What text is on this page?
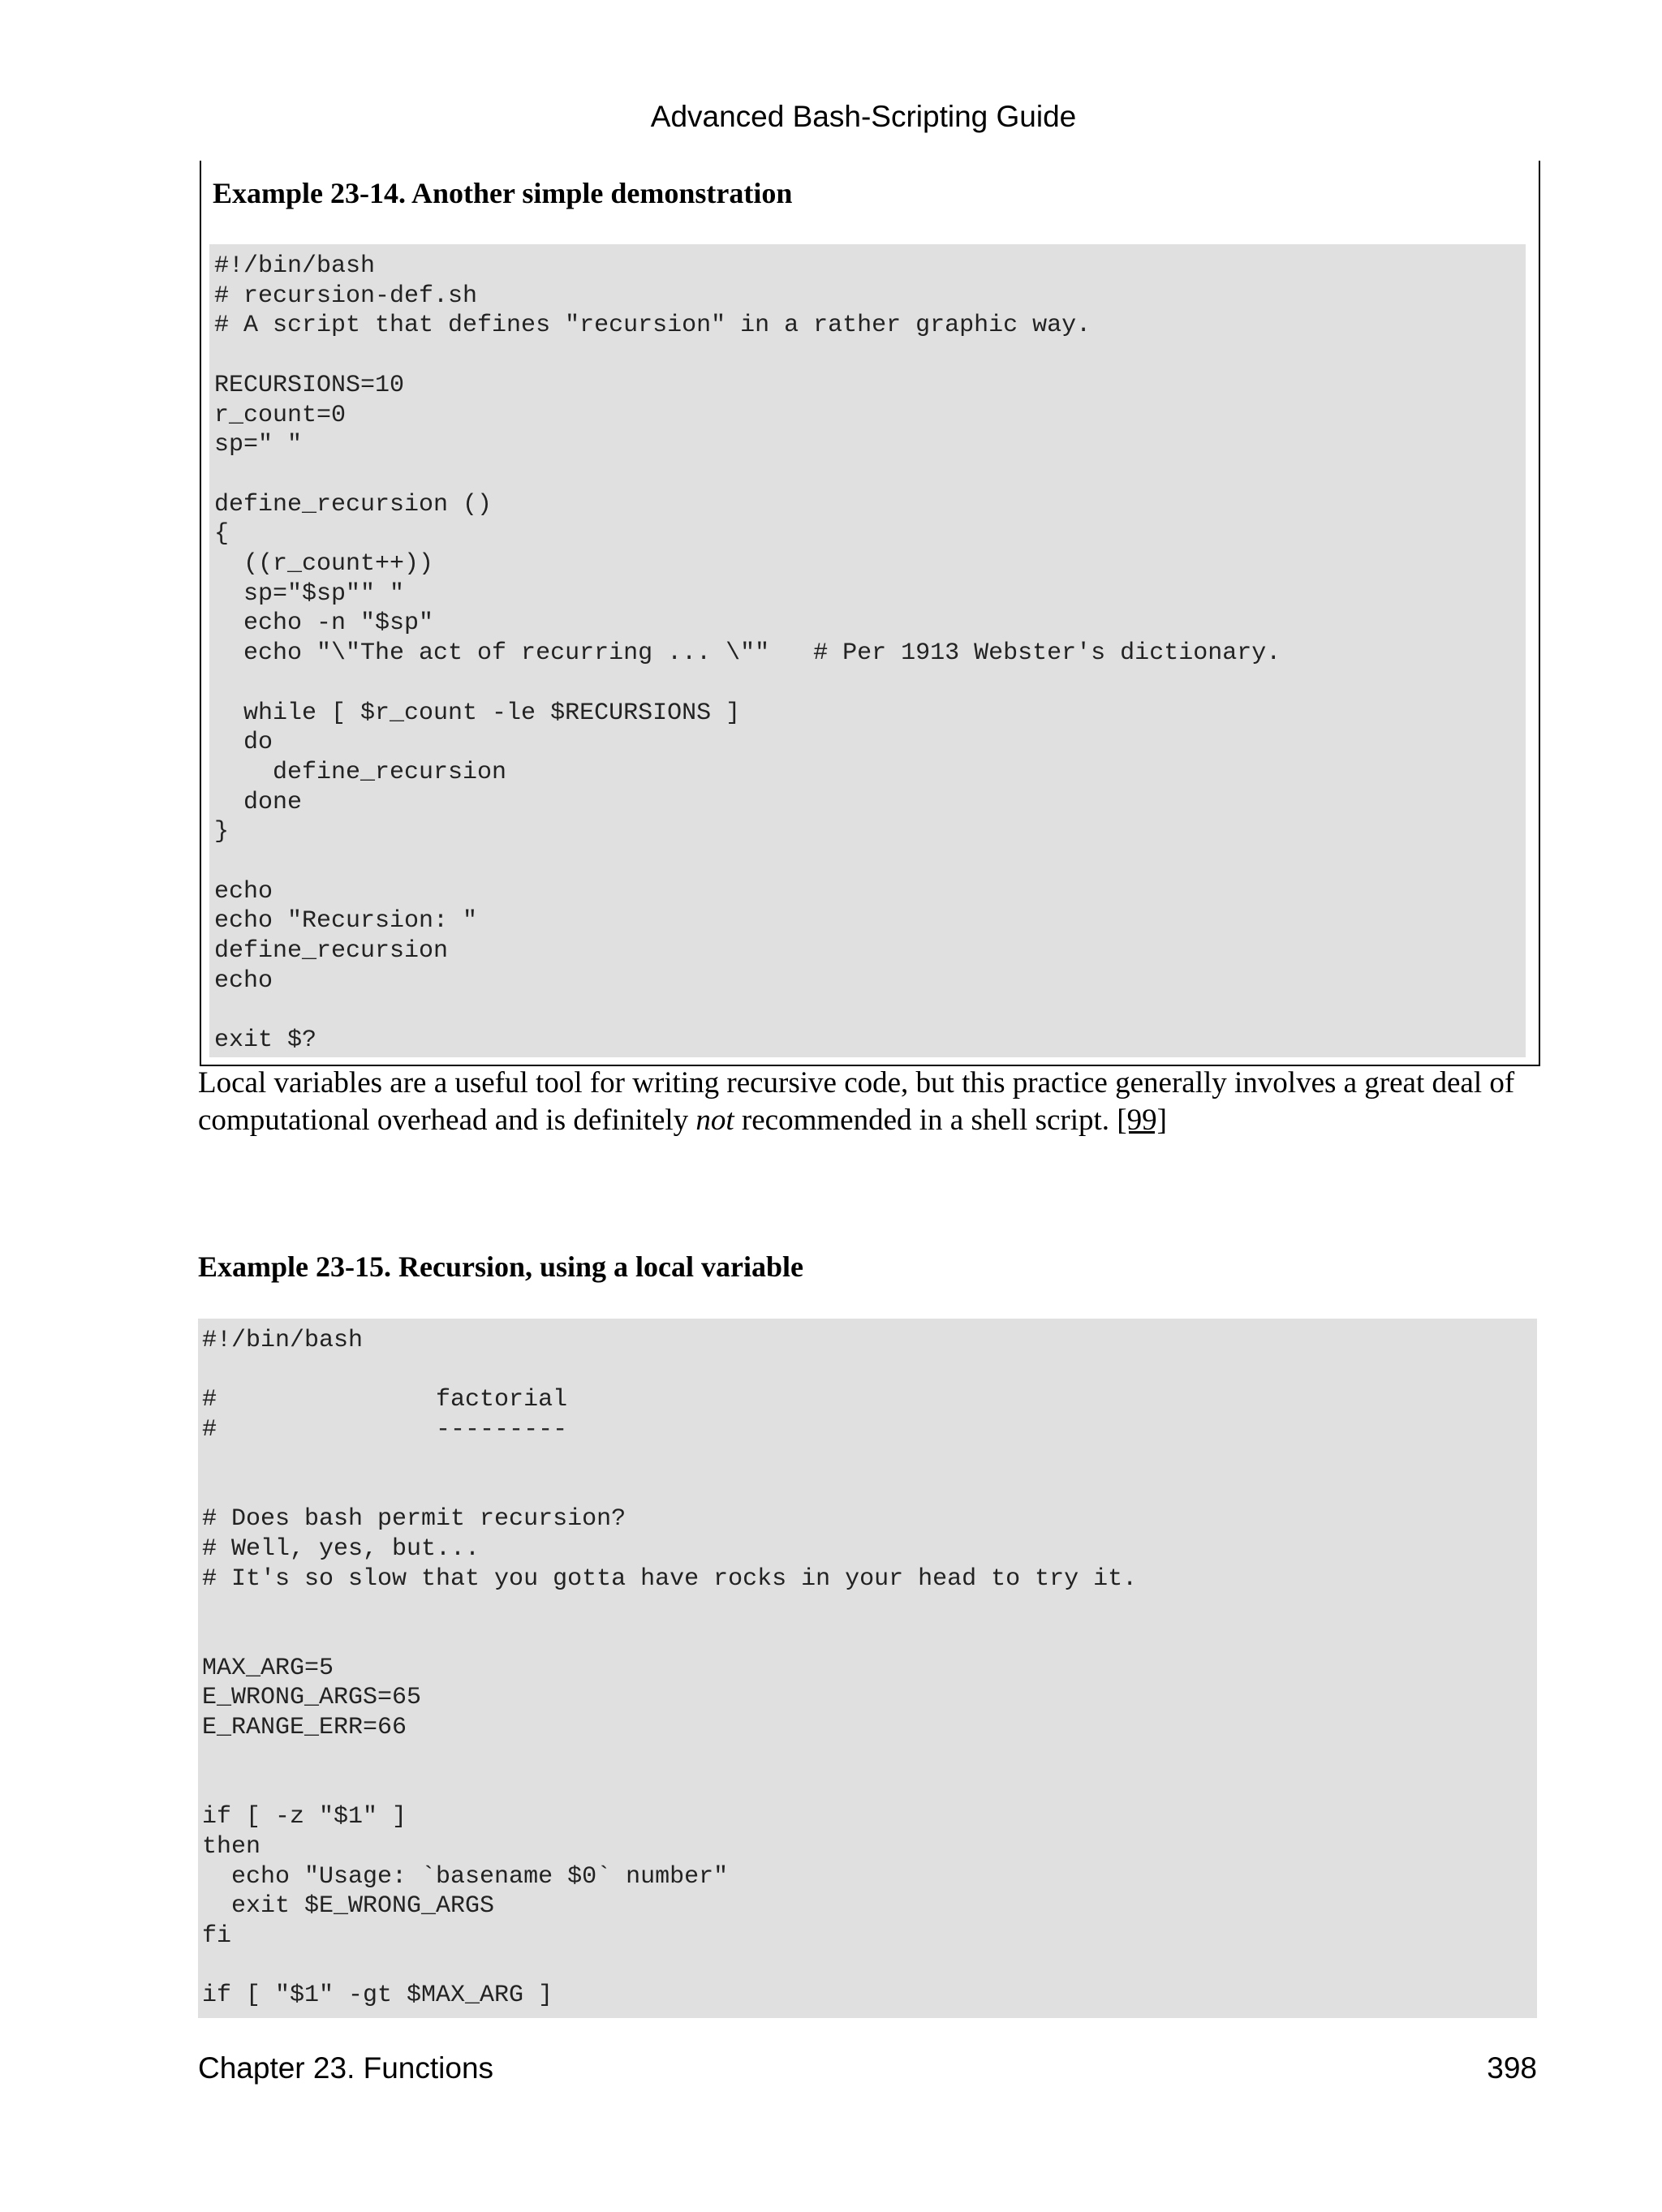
Advanced Bash-Scripting Guide
Example 23-14. Another simple demonstration
#!/bin/bash
# recursion-def.sh
# A script that defines "recursion" in a rather graphic way.

RECURSIONS=10
r_count=0
sp=" "

define_recursion ()
{
((r_count++))
sp="$sp"" "
echo -n "$sp"
echo "\"The act of recurring ... \""   # Per 1913 Webster's dictionary.

while [ $r_count -le $RECURSIONS ]
do
define_recursion
done
}

echo
echo "Recursion: "
define_recursion
echo

exit $?
Local variables are a useful tool for writing recursive code, but this practice generally involves a great deal of computational overhead and is definitely not recommended in a shell script. [99]
Example 23-15. Recursion, using a local variable
#!/bin/bash

#               factorial
#               ---------

# Does bash permit recursion?
# Well, yes, but...
# It's so slow that you gotta have rocks in your head to try it.

MAX_ARG=5
E_WRONG_ARGS=65
E_RANGE_ERR=66

if [ -z "$1" ]
then
echo "Usage: `basename $0` number"
exit $E_WRONG_ARGS
fi

if [ "$1" -gt $MAX_ARG ]
Chapter 23. Functions	398
